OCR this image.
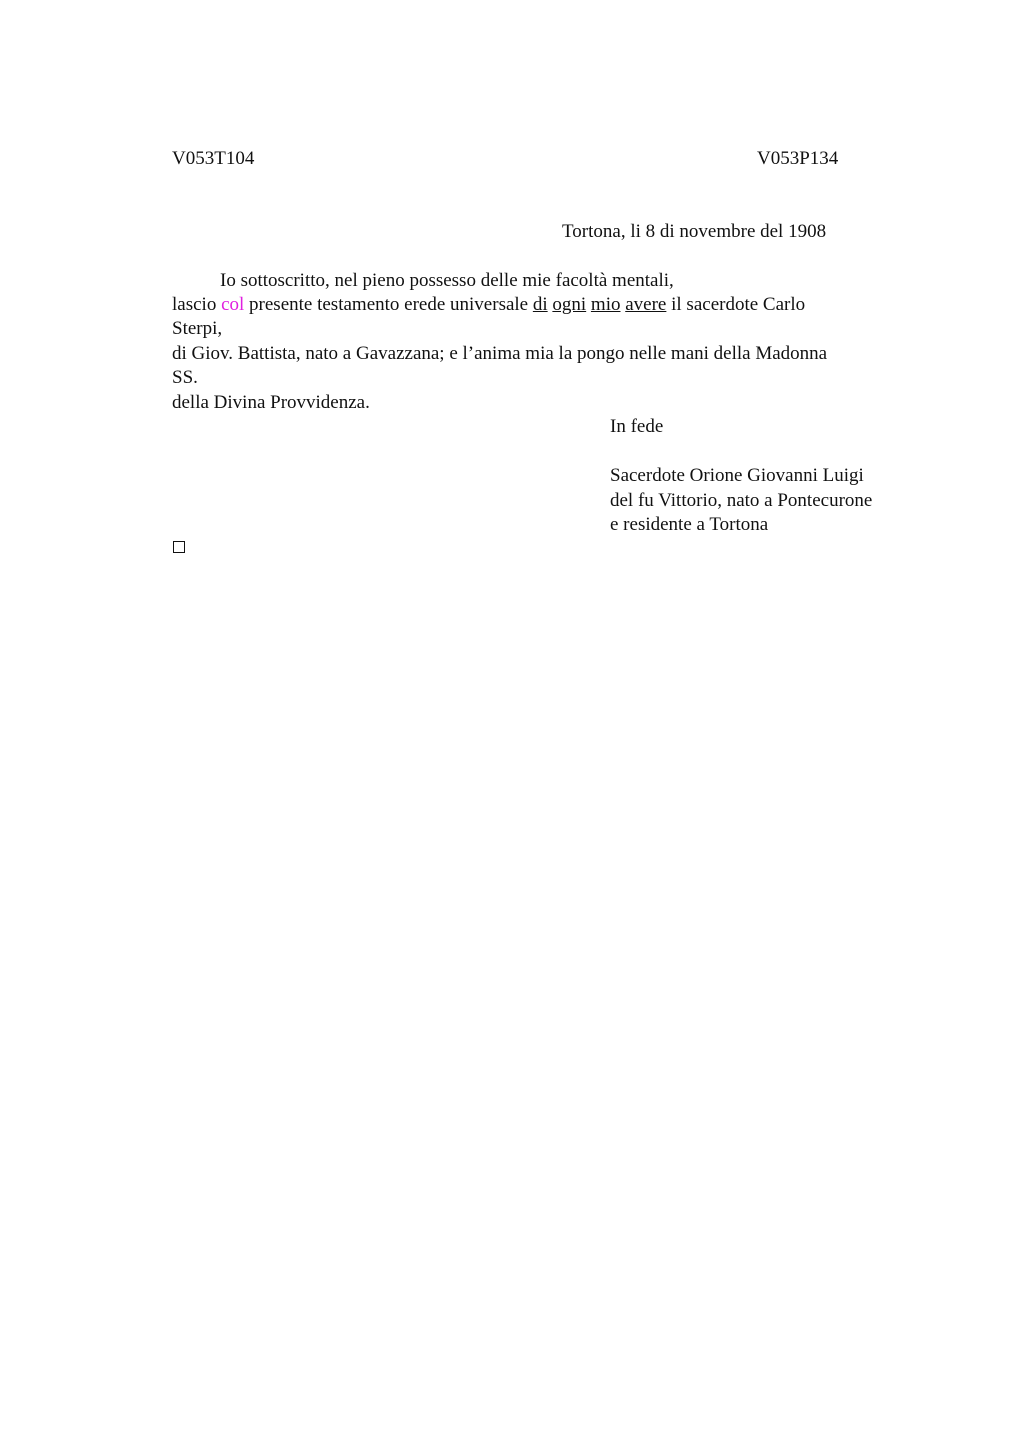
V053T104	V053P134
Tortona, li 8 di novembre del 1908
Io sottoscritto, nel pieno possesso delle mie facoltà mentali,
lascio col presente testamento erede universale di ogni mio avere il sacerdote Carlo
Sterpi,
di Giov. Battista, nato a Gavazzana; e l’anima mia la pongo nelle mani della Madonna
SS.
della Divina Provvidenza.
In fede
Sacerdote Orione Giovanni Luigi
del fu Vittorio, nato a Pontecurone
e residente a Tortona
